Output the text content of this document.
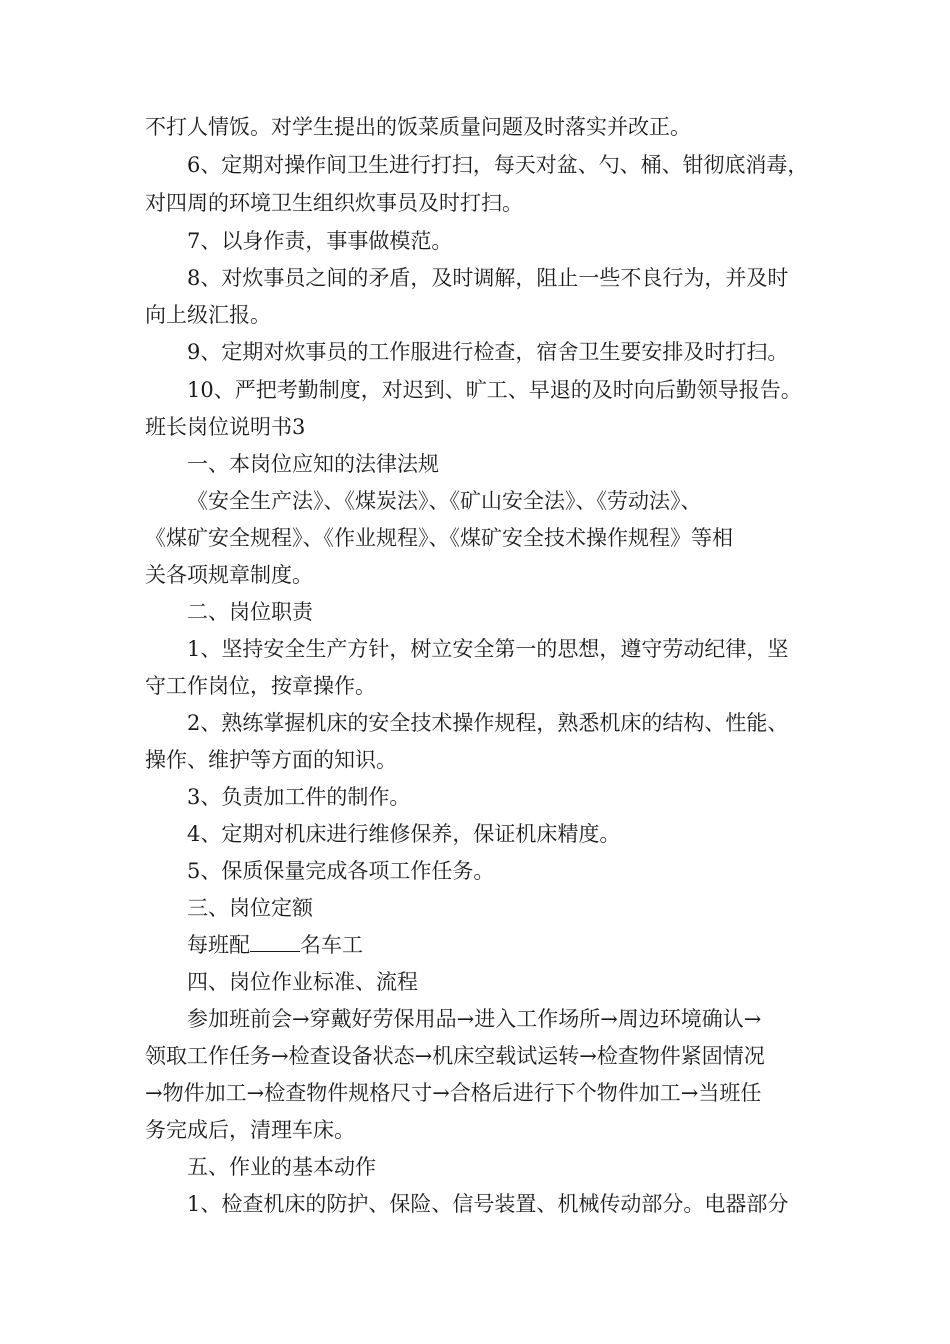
不打人情饭。对学生提出的饭菜质量问题及时落实并改正。
6、定期对操作间卫生进行打扫，每天对盆、勺、桶、钳彻底消毒，
对四周的环境卫生组织炊事员及时打扫。
7、以身作责，事事做模范。
8、对炊事员之间的矛盾，及时调解，阻止一些不良行为，并及时
向上级汇报。
9、定期对炊事员的工作服进行检查，宿舍卫生要安排及时打扫。
10、严把考勤制度，对迟到、旷工、早退的及时向后勤领导报告。
班长岗位说明书3
一、本岗位应知的法律法规
《安全生产法》、《煤炭法》、《矿山安全法》、《劳动法》、
《煤矿安全规程》、《作业规程》、《煤矿安全技术操作规程》等相
关各项规章制度。
二、岗位职责
1、坚持安全生产方针，树立安全第一的思想，遵守劳动纪律，坚
守工作岗位，按章操作。
2、熟练掌握机床的安全技术操作规程，熟悉机床的结构、性能、
操作、维护等方面的知识。
3、负责加工件的制作。
4、定期对机床进行维修保养，保证机床精度。
5、保质保量完成各项工作任务。
三、岗位定额
每班配 名车工
四、岗位作业标准、流程
参加班前会→穿戴好劳保用品→进入工作场所→周边环境确认→
领取工作任务→检查设备状态→机床空载试运转→检查物件紧固情况
→物件加工→检查物件规格尺寸→合格后进行下个物件加工→当班任
务完成后，清理车床。
五、作业的基本动作
1、检查机床的防护、保险、信号装置、机械传动部分。电器部分
